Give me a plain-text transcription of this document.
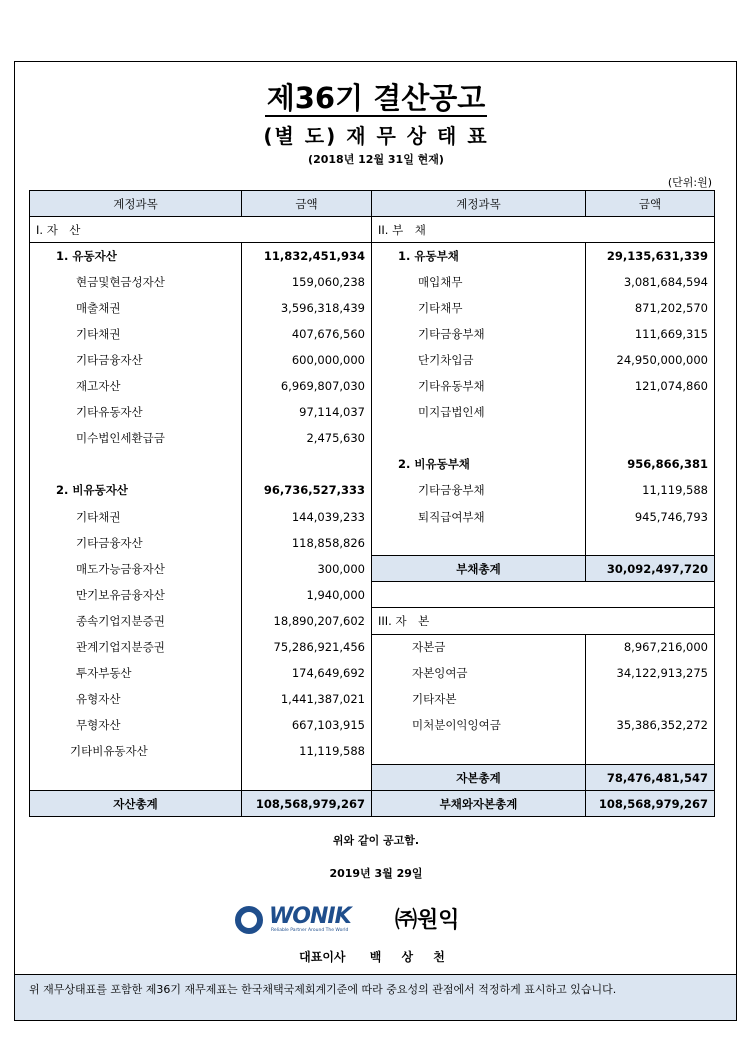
제36기 결산공고
(별 도) 재 무 상 태 표
(2018년 12월 31일 현재)
(단위:원)
계정과목	금액	계정과목	금액
I. 자　산		II. 부　채	
1. 유동자산	11,832,451,934	1. 유동부채	29,135,631,339
현금및현금성자산	159,060,238	매입채무	3,081,684,594
매출채권	3,596,318,439	기타채무	871,202,570
기타채권	407,676,560	기타금융부채	111,669,315
기타금융자산	600,000,000	단기차입금	24,950,000,000
재고자산	6,969,807,030	기타유동부채	121,074,860
기타유동자산	97,114,037	미지급법인세	
미수법인세환급금	2,475,630		
		2. 비유동부채	956,866,381
2. 비유동자산	96,736,527,333	기타금융부채	11,119,588
기타채권	144,039,233	퇴직급여부채	945,746,793
기타금융자산	118,858,826		
매도가능금융자산	300,000	부채총계	30,092,497,720
만기보유금융자산	1,940,000		
종속기업지분증권	18,890,207,602	III. 자　본	
관계기업지분증권	75,286,921,456	자본금	8,967,216,000
투자부동산	174,649,692	자본잉여금	34,122,913,275
유형자산	1,441,387,021	기타자본	
무형자산	667,103,915	미처분이익잉여금	35,386,352,272
기타비유동자산	11,119,588		
		자본총계	78,476,481,547
자산총계	108,568,979,267	부채와자본총계	108,568,979,267
위와 같이 공고함.
2019년 3월 29일
WONIK
Reliable Partner Around The World ㈜원익
대표이사 백 상 천
위 재무상태표를 포함한 제36기 재무제표는 한국채택국제회계기준에 따라 중요성의 관점에서 적정하게 표시하고 있습니다.
